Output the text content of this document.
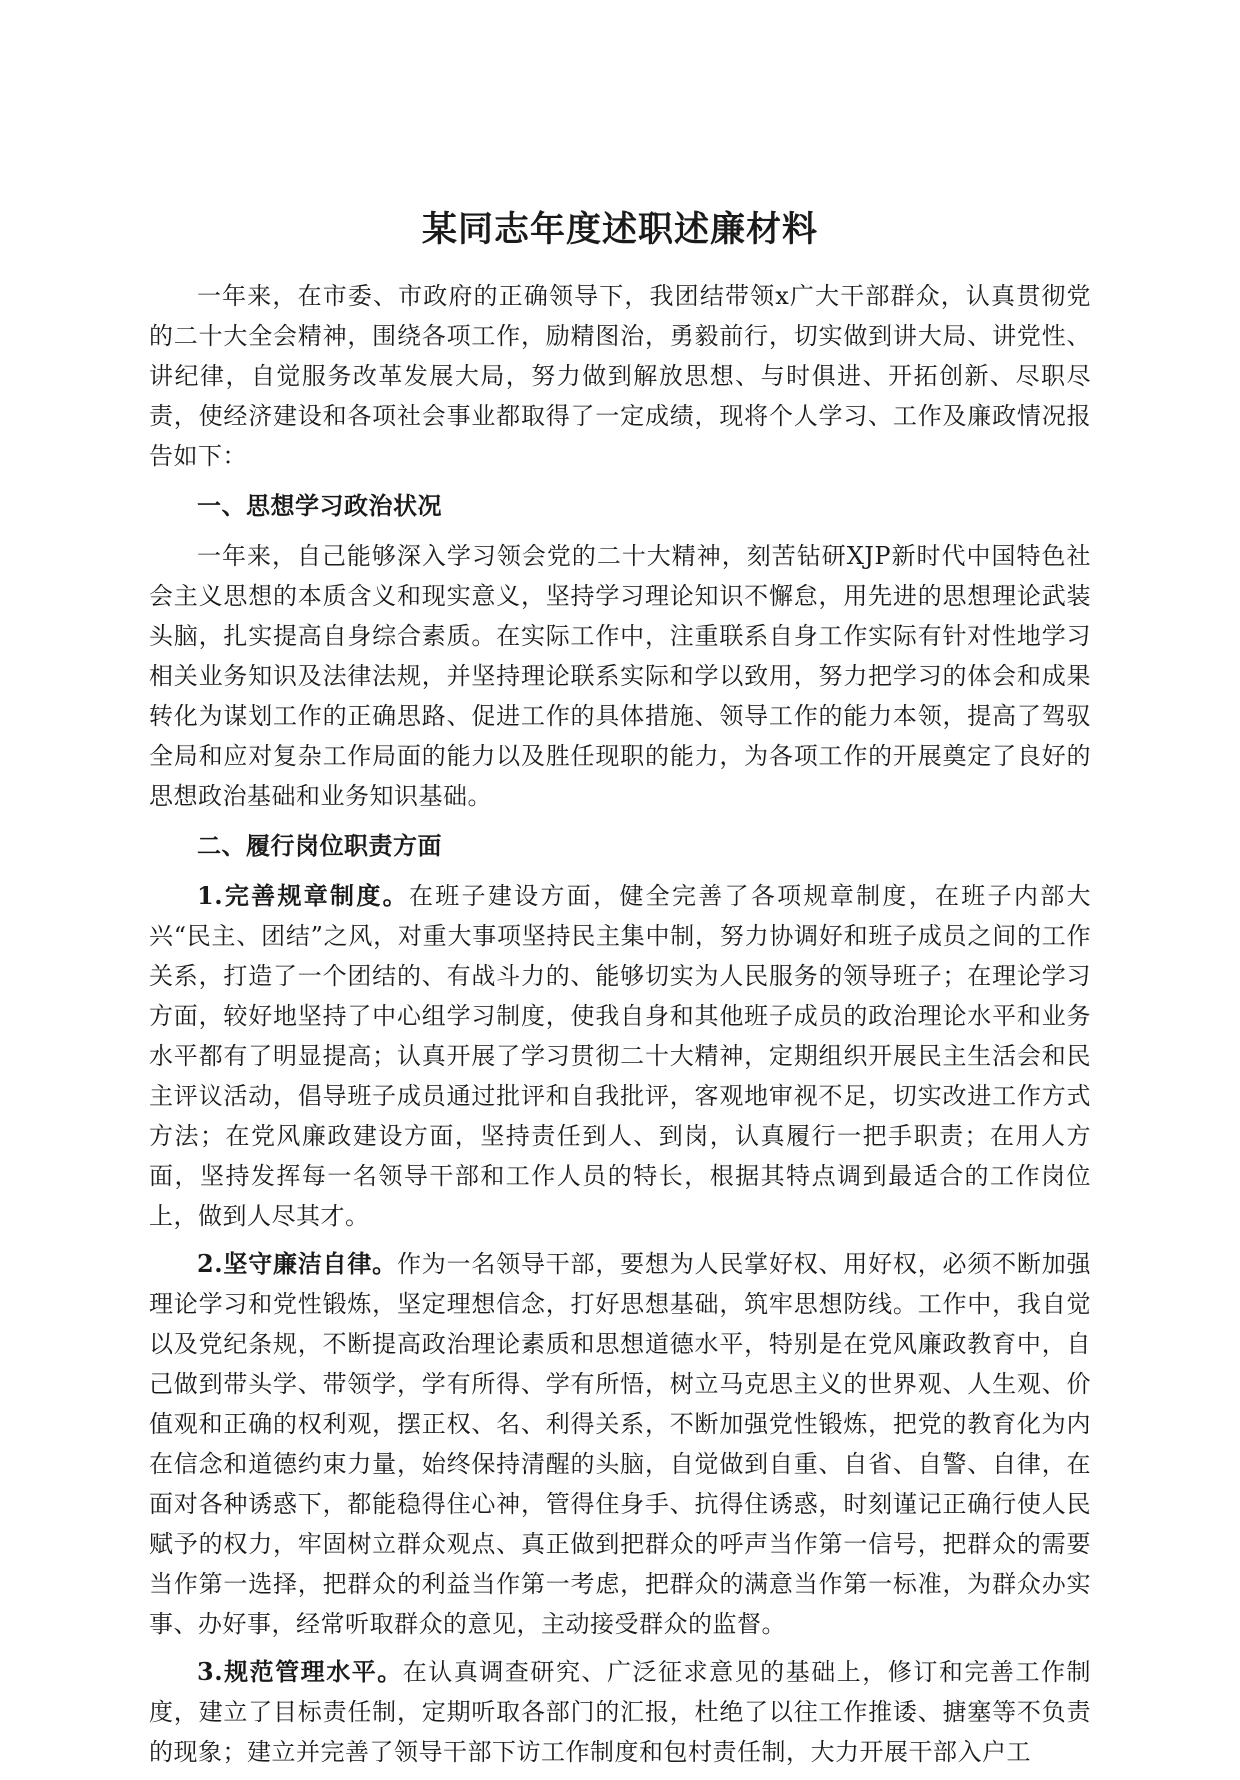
某同志年度述职述廉材料

一年来，在市委、市政府的正确领导下，我团结带领x广大干部群众，认真贯彻党的二十大全会精神，围绕各项工作，励精图治，勇毅前行，切实做到讲大局、讲党性、讲纪律，自觉服务改革发展大局，努力做到解放思想、与时俱进、开拓创新、尽职尽责，使经济建设和各项社会事业都取得了一定成绩，现将个人学习、工作及廉政情况报告如下：

一、思想学习政治状况

一年来，自己能够深入学习领会党的二十大精神，刻苦钻研XJP新时代中国特色社会主义思想的本质含义和现实意义，坚持学习理论知识不懈怠，用先进的思想理论武装头脑，扎实提高自身综合素质。在实际工作中，注重联系自身工作实际有针对性地学习相关业务知识及法律法规，并坚持理论联系实际和学以致用，努力把学习的体会和成果转化为谋划工作的正确思路、促进工作的具体措施、领导工作的能力本领，提高了驾驭全局和应对复杂工作局面的能力以及胜任现职的能力，为各项工作的开展奠定了良好的思想政治基础和业务知识基础。

二、履行岗位职责方面

1.完善规章制度。在班子建设方面，健全完善了各项规章制度，在班子内部大兴“民主、团结”之风，对重大事项坚持民主集中制，努力协调好和班子成员之间的工作关系，打造了一个团结的、有战斗力的、能够切实为人民服务的领导班子；在理论学习方面，较好地坚持了中心组学习制度，使我自身和其他班子成员的政治理论水平和业务水平都有了明显提高；认真开展了学习贯彻二十大精神，定期组织开展民主生活会和民主评议活动，倡导班子成员通过批评和自我批评，客观地审视不足，切实改进工作方式方法；在党风廉政建设方面，坚持责任到人、到岗，认真履行一把手职责；在用人方面，坚持发挥每一名领导干部和工作人员的特长，根据其特点调到最适合的工作岗位上，做到人尽其才。

2.坚守廉洁自律。作为一名领导干部，要想为人民掌好权、用好权，必须不断加强理论学习和党性锻炼，坚定理想信念，打好思想基础，筑牢思想防线。工作中，我自觉以及党纪条规，不断提高政治理论素质和思想道德水平，特别是在党风廉政教育中，自己做到带头学、带领学，学有所得、学有所悟，树立马克思主义的世界观、人生观、价值观和正确的权利观，摆正权、名、利得关系，不断加强党性锻炼，把党的教育化为内在信念和道德约束力量，始终保持清醒的头脑，自觉做到自重、自省、自警、自律，在面对各种诱惑下，都能稳得住心神，管得住身手、抗得住诱惑，时刻谨记正确行使人民赋予的权力，牢固树立群众观点、真正做到把群众的呼声当作第一信号，把群众的需要当作第一选择，把群众的利益当作第一考虑，把群众的满意当作第一标准，为群众办实事、办好事，经常听取群众的意见，主动接受群众的监督。

3.规范管理水平。在认真调查研究、广泛征求意见的基础上，修订和完善工作制度，建立了目标责任制，定期听取各部门的汇报，杜绝了以往工作推诿、搪塞等不负责的现象；建立并完善了领导干部下访工作制度和包村责任制，大力开展干部入户工
